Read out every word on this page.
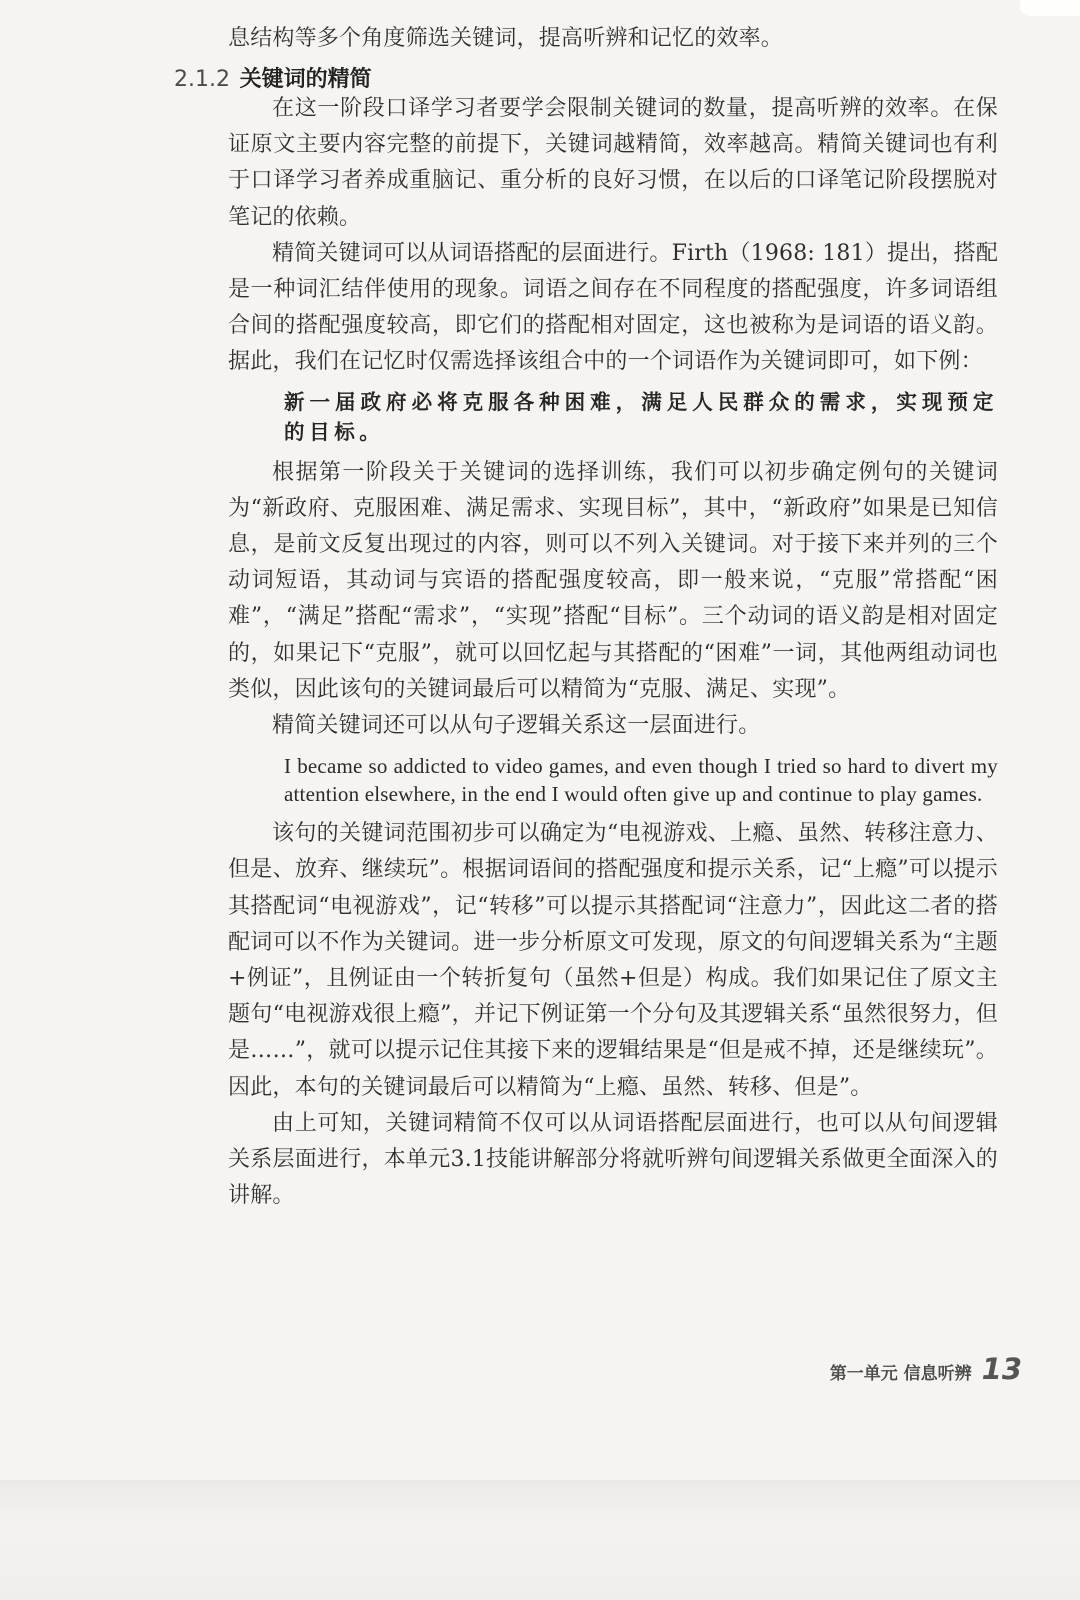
息结构等多个角度筛选关键词，提高听辨和记忆的效率。

2.1.2 关键词的精简

在这一阶段口译学习者要学会限制关键词的数量，提高听辨的效率。在保证原文主要内容完整的前提下，关键词越精简，效率越高。精简关键词也有利于口译学习者养成重脑记、重分析的良好习惯，在以后的口译笔记阶段摆脱对笔记的依赖。

精简关键词可以从词语搭配的层面进行。Firth（1968: 181）提出，搭配是一种词汇结伴使用的现象。词语之间存在不同程度的搭配强度，许多词语组合间的搭配强度较高，即它们的搭配相对固定，这也被称为是词语的语义韵。据此，我们在记忆时仅需选择该组合中的一个词语作为关键词即可，如下例：

新一届政府必将克服各种困难，满足人民群众的需求，实现预定的目标。

根据第一阶段关于关键词的选择训练，我们可以初步确定例句的关键词为“新政府、克服困难、满足需求、实现目标”，其中，“新政府”如果是已知信息，是前文反复出现过的内容，则可以不列入关键词。对于接下来并列的三个动词短语，其动词与宾语的搭配强度较高，即一般来说，“克服”常搭配“困难”，“满足”搭配“需求”，“实现”搭配“目标”。三个动词的语义韵是相对固定的，如果记下“克服”，就可以回忆起与其搭配的“困难”一词，其他两组动词也类似，因此该句的关键词最后可以精简为“克服、满足、实现”。

精简关键词还可以从句子逻辑关系这一层面进行。

I became so addicted to video games, and even though I tried so hard to divert my attention elsewhere, in the end I would often give up and continue to play games.

该句的关键词范围初步可以确定为“电视游戏、上瘾、虽然、转移注意力、但是、放弃、继续玩”。根据词语间的搭配强度和提示关系，记“上瘾”可以提示其搭配词“电视游戏”，记“转移”可以提示其搭配词“注意力”，因此这二者的搭配词可以不作为关键词。进一步分析原文可发现，原文的句间逻辑关系为“主题+例证”，且例证由一个转折复句（虽然+但是）构成。我们如果记住了原文主题句“电视游戏很上瘾”，并记下例证第一个分句及其逻辑关系“虽然很努力，但是……”，就可以提示记住其接下来的逻辑结果是“但是戒不掉，还是继续玩”。因此，本句的关键词最后可以精简为“上瘾、虽然、转移、但是”。

由上可知，关键词精简不仅可以从词语搭配层面进行，也可以从句间逻辑关系层面进行，本单元3.1技能讲解部分将就听辨句间逻辑关系做更全面深入的讲解。

第一单元 信息听辨 13
